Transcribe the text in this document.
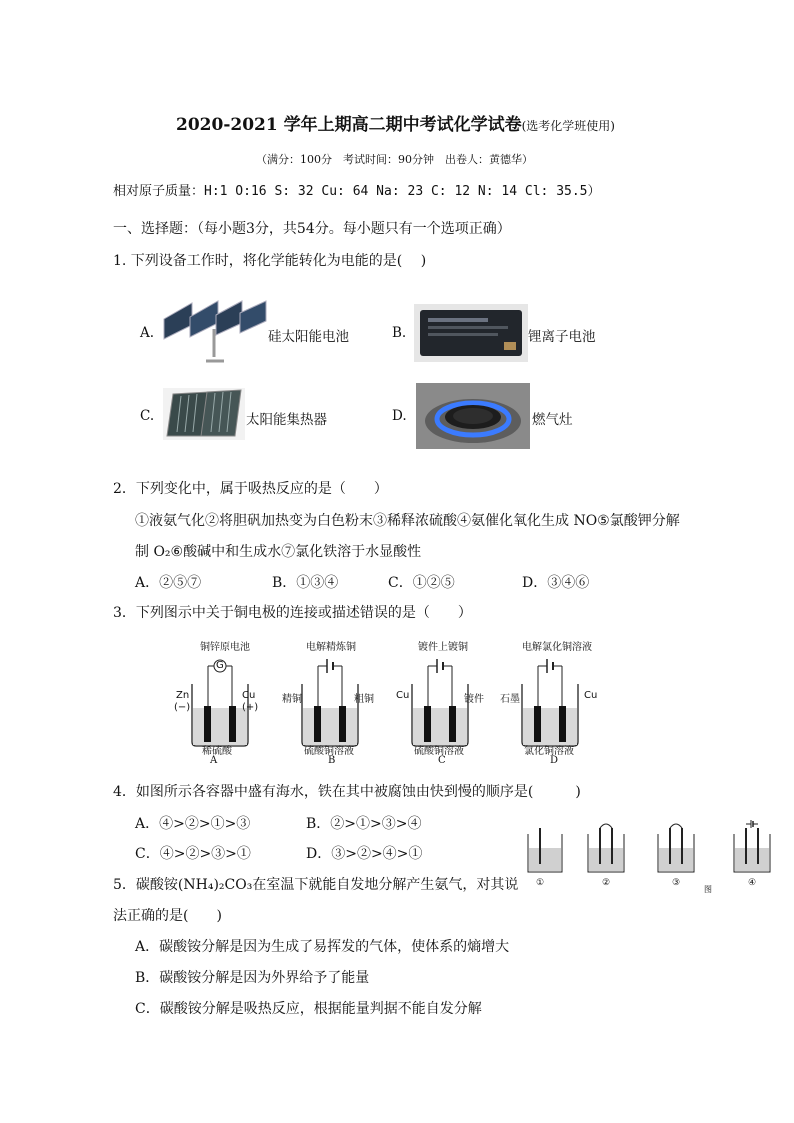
2020-2021 学年上期高二期中考试化学试卷(选考化学班使用)
（满分：100分　考试时间：90分钟　出卷人：黄德华）
相对原子质量：H:1 O:16 S: 32 Cu: 64 Na: 23 C: 12 N: 14 Cl: 35.5）
一、选择题：（每小题3分，共54分。每小题只有一个选项正确）
1. 下列设备工作时，将化学能转化为电能的是(　 )
A.	硅太阳能电池	B.	锂离子电池
C.	太阳能集热器	D.	燃气灶
2．下列变化中，属于吸热反应的是（　　）
①液氨气化②将胆矾加热变为白色粉末③稀释浓硫酸④氨催化氧化生成 NO⑤氯酸钾分解
制 O₂⑥酸碱中和生成水⑦氯化铁溶于水显酸性
A．②⑤⑦	B．①③④	C．①②⑤	D．③④⑥
3．下列图示中关于铜电极的连接或描述错误的是（　　）
铜锌原电池
G
Zn
(−)
Cu
(+)
稀硫酸
A
电解精炼铜
精铜	粗铜
硫酸铜溶液
B
镀件上镀铜
Cu	镀件
硫酸铜溶液
C
电解氯化铜溶液
石墨	Cu
氯化铜溶液
D
4．如图所示各容器中盛有海水，铁在其中被腐蚀由快到慢的顺序是(　　　)
A．④>②>①>③	B．②>①>③>④
C．④>②>③>①	D．③>②>④>①
①	②	③
图
④
5．碳酸铵(NH₄)₂CO₃在室温下就能自发地分解产生氨气，对其说
法正确的是(　　)
A．碳酸铵分解是因为生成了易挥发的气体，使体系的熵增大
B．碳酸铵分解是因为外界给予了能量
C．碳酸铵分解是吸热反应，根据能量判据不能自发分解
